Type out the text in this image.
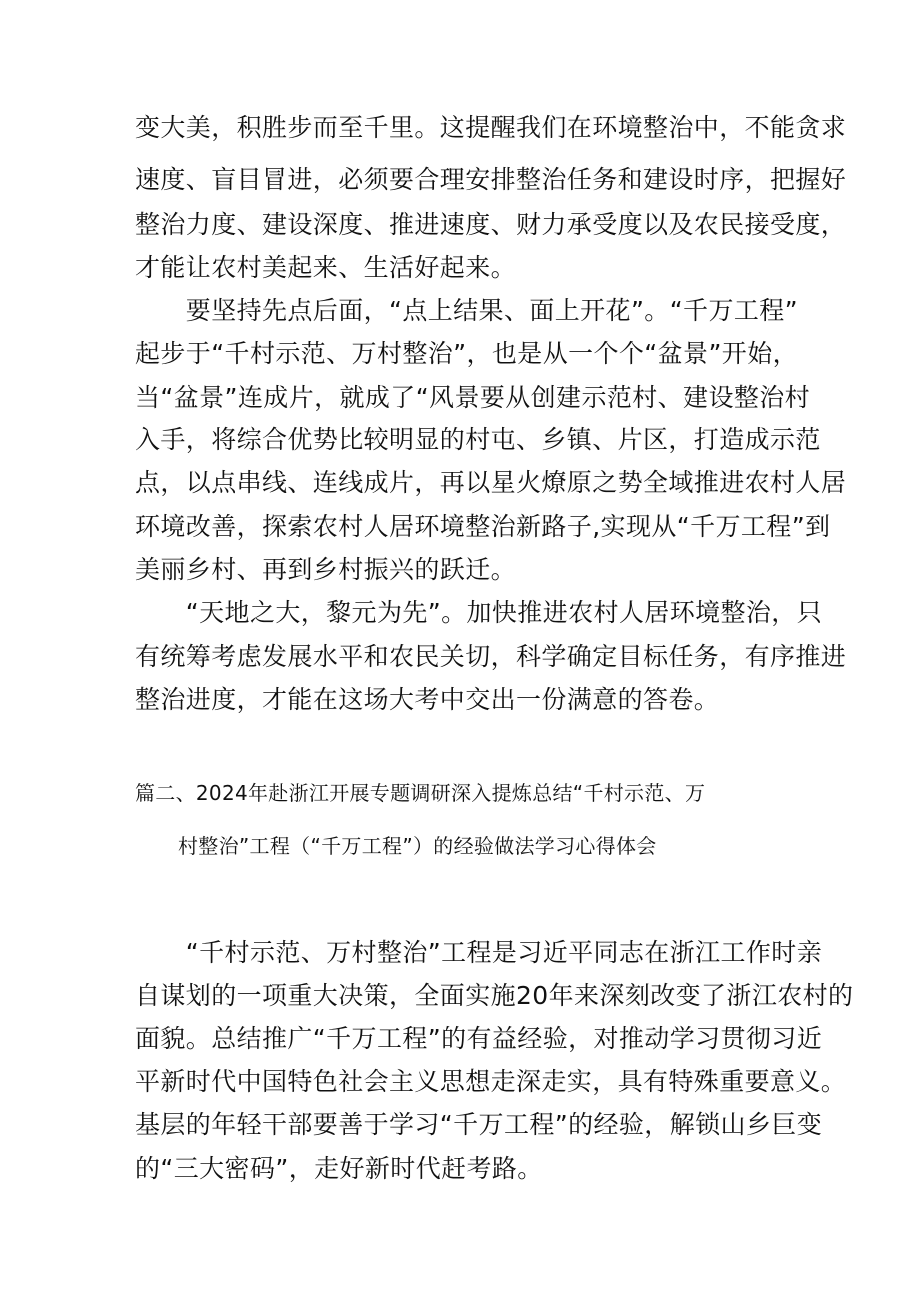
变大美，积胜步而至千里。这提醒我们在环境整治中，不能贪求

速度、盲目冒进，必须要合理安排整治任务和建设时序，把握好

整治力度、建设深度、推进速度、财力承受度以及农民接受度，

才能让农村美起来、生活好起来。

　　要坚持先点后面，“点上结果、面上开花”。“千万工程”

起步于“千村示范、万村整治”，也是从一个个“盆景”开始，

当“盆景”连成片，就成了“风景要从创建示范村、建设整治村

入手，将综合优势比较明显的村屯、乡镇、片区，打造成示范

点，以点串线、连线成片，再以星火燎原之势全域推进农村人居

环境改善，探索农村人居环境整治新路子,实现从“千万工程”到

美丽乡村、再到乡村振兴的跃迁。

　　“天地之大，黎元为先”。加快推进农村人居环境整治，只

有统筹考虑发展水平和农民关切，科学确定目标任务，有序推进

整治进度，才能在这场大考中交出一份满意的答卷。

篇二、2024年赴浙江开展专题调研深入提炼总结“千村示范、万

村整治”工程（“千万工程”）的经验做法学习心得体会

　　“千村示范、万村整治”工程是习近平同志在浙江工作时亲

自谋划的一项重大决策，全面实施20年来深刻改变了浙江农村的

面貌。总结推广“千万工程”的有益经验，对推动学习贯彻习近

平新时代中国特色社会主义思想走深走实，具有特殊重要意义。

基层的年轻干部要善于学习“千万工程”的经验，解锁山乡巨变

的“三大密码”，走好新时代赶考路。
